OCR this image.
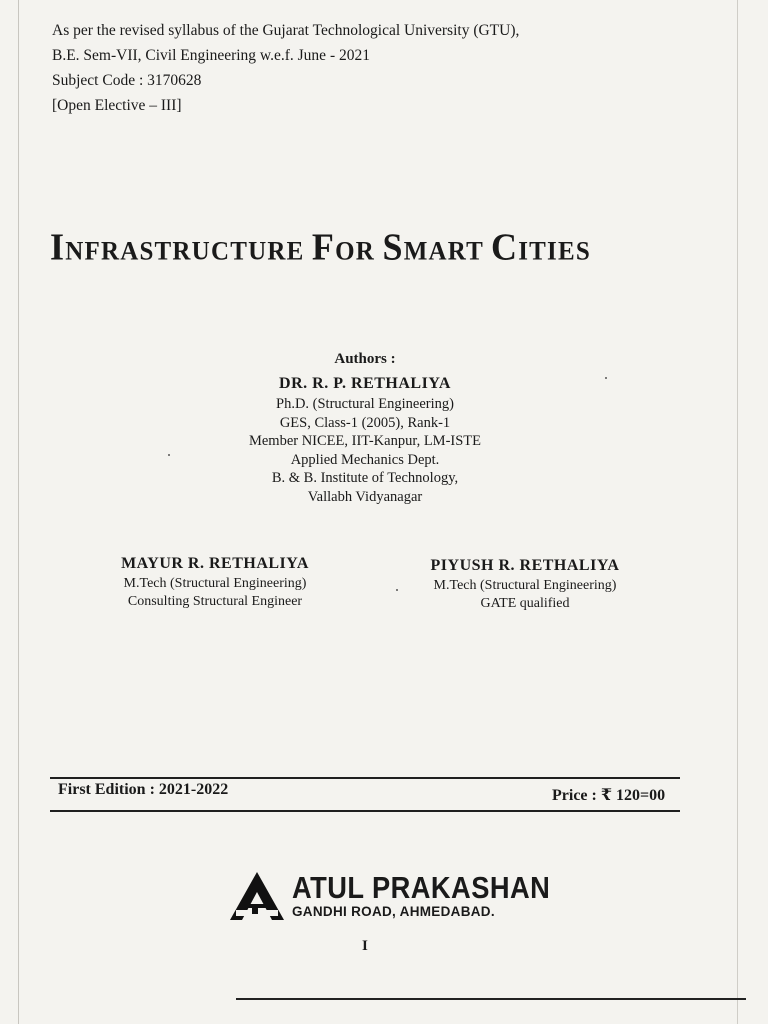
As per the revised syllabus of the Gujarat Technological University (GTU),
B.E. Sem-VII, Civil Engineering w.e.f. June - 2021
Subject Code : 3170628
[Open Elective – III]
INFRASTRUCTURE FOR SMART CITIES
Authors :
DR. R. P. RETHALIYA
Ph.D. (Structural Engineering)
GES, Class-1 (2005), Rank-1
Member NICEE, IIT-Kanpur, LM-ISTE
Applied Mechanics Dept.
B. & B. Institute of Technology,
Vallabh Vidyanagar
MAYUR R. RETHALIYA
M.Tech (Structural Engineering)
Consulting Structural Engineer
PIYUSH R. RETHALIYA
M.Tech (Structural Engineering)
GATE qualified
First Edition : 2021-2022	Price : ₹ 120=00
ATUL PRAKASHAN
GANDHI ROAD, AHMEDABAD.
I
